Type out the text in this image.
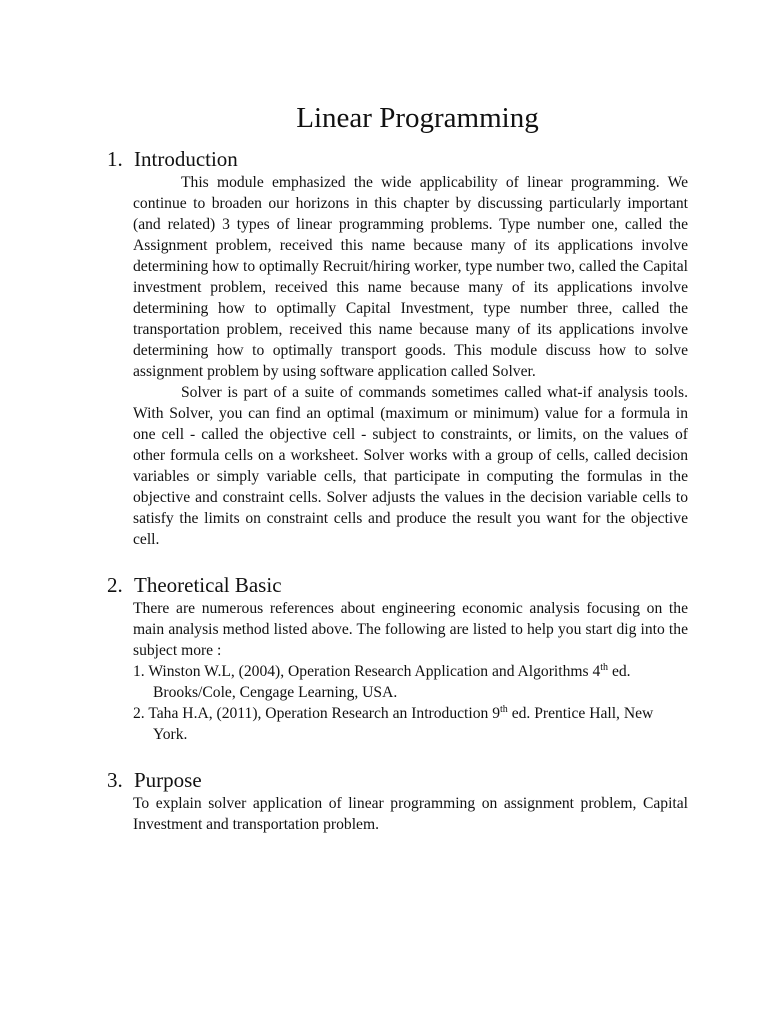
Linear Programming
1. Introduction

This module emphasized the wide applicability of linear programming. We continue to broaden our horizons in this chapter by discussing particularly important (and related) 3 types of linear programming problems. Type number one, called the Assignment problem, received this name because many of its applications involve determining how to optimally Recruit/hiring worker, type number two, called the Capital investment problem, received this name because many of its applications involve determining how to optimally Capital Investment, type number three, called the transportation problem, received this name because many of its applications involve determining how to optimally transport goods. This module discuss how to solve assignment problem by using software application called Solver.

Solver is part of a suite of commands sometimes called what-if analysis tools. With Solver, you can find an optimal (maximum or minimum) value for a formula in one cell - called the objective cell - subject to constraints, or limits, on the values of other formula cells on a worksheet. Solver works with a group of cells, called decision variables or simply variable cells, that participate in computing the formulas in the objective and constraint cells. Solver adjusts the values in the decision variable cells to satisfy the limits on constraint cells and produce the result you want for the objective cell.

2. Theoretical Basic

There are numerous references about engineering economic analysis focusing on the main analysis method listed above. The following are listed to help you start dig into the subject more :

1. Winston W.L, (2004), Operation Research Application and Algorithms 4th ed. Brooks/Cole, Cengage Learning, USA.
2. Taha H.A, (2011), Operation Research an Introduction 9th ed. Prentice Hall, New York.
3. Purpose

To explain solver application of linear programming on assignment problem, Capital Investment and transportation problem.
